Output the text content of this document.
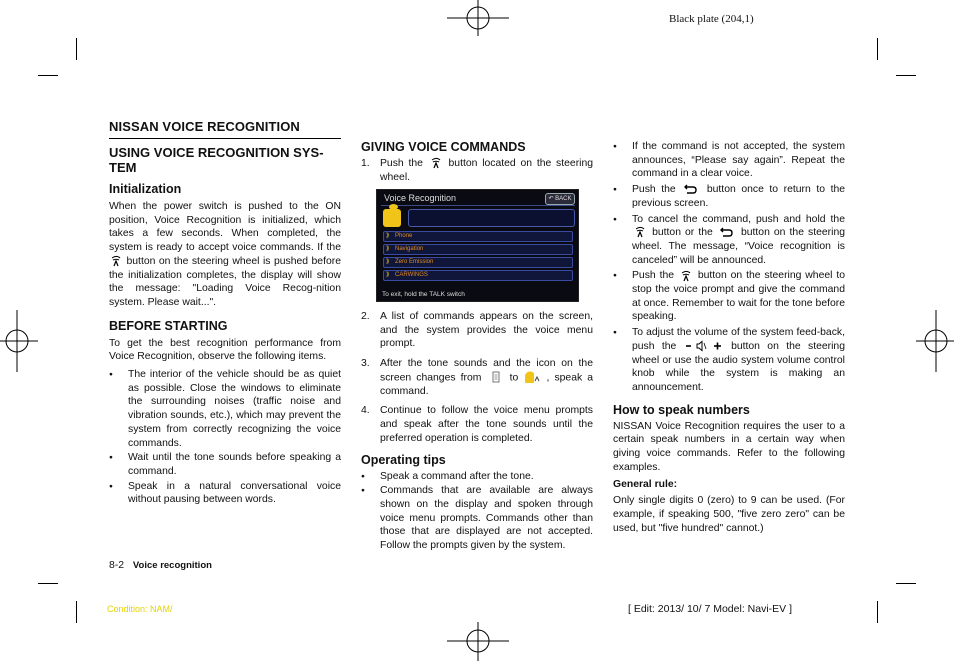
Black plate (204,1)
NISSAN VOICE RECOGNITION
USING VOICE RECOGNITION SYS-
TEM
Initialization
When the power switch is pushed to the ON position, Voice Recognition is initialized, which takes a few seconds. When completed, the system is ready to accept voice commands. If the  button on the steering wheel is pushed before the initialization completes, the display will show the message: "Loading Voice Recog-nition system. Please wait...".
BEFORE STARTING
To get the best recognition performance from Voice Recognition, observe the following items.
● The interior of the vehicle should be as quiet as possible. Close the windows to eliminate the surrounding noises (traffic noise and vibration sounds, etc.), which may prevent the system from correctly recognizing the voice commands.
● Wait until the tone sounds before speaking a command.
● Speak in a natural conversational voice without pausing between words.
GIVING VOICE COMMANDS
1. Push the button located on the steering wheel.
Voice Recognition	↶ BACK
⟫ Phone
⟫ Navigation
⟫ Zero Emission
⟫ CARWINGS
To exit, hold the TALK switch
2. A list of commands appears on the screen, and the system provides the voice menu prompt.
3. After the tone sounds and the icon on the screen changes from	to	, speak a command.
4. Continue to follow the voice menu prompts and speak after the tone sounds until the preferred operation is completed.
Operating tips
● Speak a command after the tone.
● Commands that are available are always shown on the display and spoken through voice menu prompts. Commands other than those that are displayed are not accepted. Follow the prompts given by the system.
● If the command is not accepted, the system announces, “Please say again”. Repeat the command in a clear voice.
● Push the	button once to return to the previous screen.
● To cancel the command, push and hold the  button or the	button on the steering wheel. The message, “Voice recognition is canceled” will be announced.
● Push the button on the steering wheel to stop the voice prompt and give the command at once. Remember to wait for the tone before speaking.
● To adjust the volume of the system feed-back, push the	button on the steering wheel or use the audio system volume control knob while the system is making an announcement.
How to speak numbers
NISSAN Voice Recognition requires the user to a certain speak numbers in a certain way when giving voice commands. Refer to the following examples.
General rule:
Only single digits 0 (zero) to 9 can be used. (For example, if speaking 500, "five zero zero" can be used, but "five hundred" cannot.)
8-2 Voice recognition
Condition: NAM/	[ Edit: 2013/ 10/ 7 Model: Navi-EV ]
